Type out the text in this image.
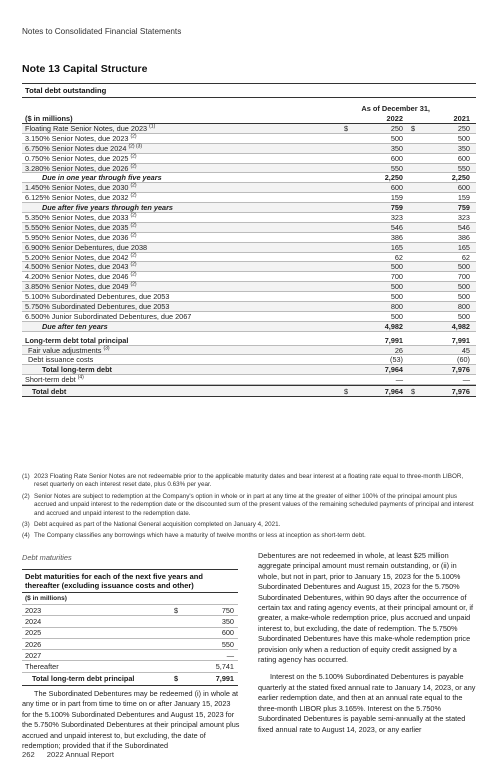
Notes to Consolidated Financial Statements
Note 13 Capital Structure
Total debt outstanding
As of December 31,
($ in millions)	2022	2021
Floating Rate Senior Notes, due 2023 $^{(1)}$	$	250	$	250
3.150% Senior Notes, due 2023 $^{(2)}$	500	500
6.750% Senior Notes due 2024 $^{(2) (3)}$	350	350
0.750% Senior Notes, due 2025 $^{(2)}$	600	600
3.280% Senior Notes, due 2026 $^{(2)}$	550	550
Due in one year through five years	2,250	2,250
1.450% Senior Notes, due 2030 $^{(2)}$	600	600
6.125% Senior Notes, due 2032 $^{(2)}$	159	159
Due after five years through ten years	759	759
5.350% Senior Notes, due 2033 $^{(2)}$	323	323
5.550% Senior Notes, due 2035 $^{(2)}$	546	546
5.950% Senior Notes, due 2036 $^{(2)}$	386	386
6.900% Senior Debentures, due 2038	165	165
5.200% Senior Notes, due 2042 $^{(2)}$	62	62
4.500% Senior Notes, due 2043 $^{(2)}$	500	500
4.200% Senior Notes, due 2046 $^{(2)}$	700	700
3.850% Senior Notes, due 2049 $^{(2)}$	500	500
5.100% Subordinated Debentures, due 2053	500	500
5.750% Subordinated Debentures, due 2053	800	800
6.500% Junior Subordinated Debentures, due 2067	500	500
Due after ten years	4,982	4,982
Long-term debt total principal	7,991	7,991
Fair value adjustments $^{(3)}$	26	45
Debt issuance costs	(53)	(60)
Total long-term debt	7,964	7,976
Short-term debt $^{(4)}$	—	—
Total debt	$	7,964	$	7,976
(1) 2023 Floating Rate Senior Notes are not redeemable prior to the applicable maturity dates and bear interest at a floating rate equal to three-month LIBOR, reset quarterly on each interest reset date, plus 0.63% per year.
(2) Senior Notes are subject to redemption at the Company's option in whole or in part at any time at the greater of either 100% of the principal amount plus accrued and unpaid interest to the redemption date or the discounted sum of the present values of the remaining scheduled payments of principal and interest and accrued and unpaid interest to the redemption date.
(3) Debt acquired as part of the National General acquisition completed on January 4, 2021.
(4) The Company classifies any borrowings which have a maturity of twelve months or less at inception as short-term debt.
Debt maturities
Debt maturities for each of the next five years and thereafter (excluding issuance costs and other)
($ in millions)
2023	$	750
2024	350
2025	600
2026	550
2027	—
Thereafter	5,741
Total long-term debt principal	$	7,991
The Subordinated Debentures may be redeemed (i) in whole at any time or in part from time to time on or after January 15, 2023 for the 5.100% Subordinated Debentures and August 15, 2023 for the 5.750% Subordinated Debentures at their principal amount plus accrued and unpaid interest to, but excluding, the date of redemption; provided that if the Subordinated

Debentures are not redeemed in whole, at least $25 million aggregate principal amount must remain outstanding, or (ii) in whole, but not in part, prior to January 15, 2023 for the 5.100% Subordinated Debentures and August 15, 2023 for the 5.750% Subordinated Debentures, within 90 days after the occurrence of certain tax and rating agency events, at their principal amount or, if greater, a make-whole redemption price, plus accrued and unpaid interest to, but excluding, the date of redemption. The 5.750% Subordinated Debentures have this make-whole redemption price provision only when a reduction of equity credit assigned by a rating agency has occurred.

Interest on the 5.100% Subordinated Debentures is payable quarterly at the stated fixed annual rate to January 14, 2023, or any earlier redemption date, and then at an annual rate equal to the three-month LIBOR plus 3.165%. Interest on the 5.750% Subordinated Debentures is payable semi-annually at the stated fixed annual rate to August 14, 2023, or any earlier

262 2022 Annual Report
